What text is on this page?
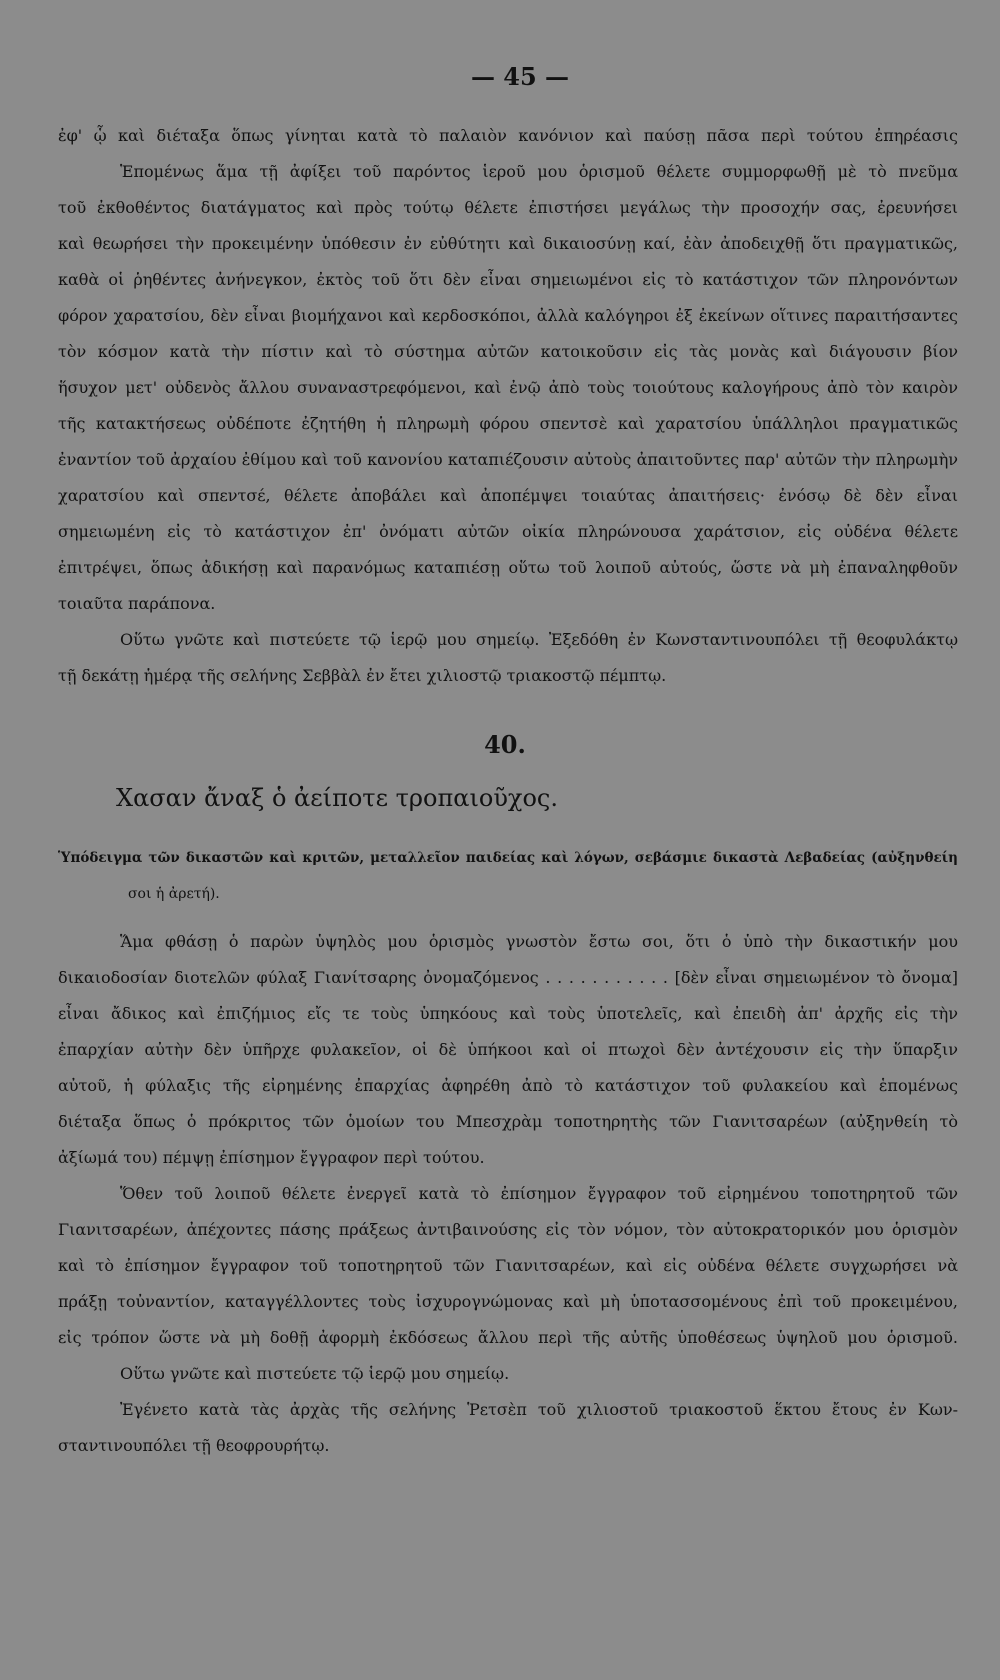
— 45 —
ἐφ' ᾧ καὶ διέταξα ὅπως γίνηται κατὰ τὸ παλαιὸν κανόνιον καὶ παύσῃ πᾶσα περὶ τούτου ἐπηρέασις
Ἑπομένως ἅμα τῇ ἀφίξει τοῦ παρόντος ἱεροῦ μου ὁρισμοῦ θέλετε συμμορφωθῇ μὲ τὸ πνεῦμα
τοῦ ἐκθοθέντος διατάγματος καὶ πρὸς τούτῳ θέλετε ἐπιστήσει μεγάλως τὴν προσοχήν σας, ἐρευνήσει
καὶ θεωρήσει τὴν προκειμένην ὑπόθεσιν ἐν εὐθύτητι καὶ δικαιοσύνῃ καί, ἐὰν ἀποδειχθῇ ὅτι πραγματικῶς,
καθὰ οἱ ῥηθέντες ἀνήνεγκον, ἐκτὸς τοῦ ὅτι δὲν εἶναι σημειωμένοι εἰς τὸ κατάστιχον τῶν πληρονόντων
φόρον χαρατσίου, δὲν εἶναι βιομήχανοι καὶ κερδοσκόποι, ἀλλὰ καλόγηροι ἐξ ἐκείνων οἵτινες παραιτήσαντες
τὸν κόσμον κατὰ τὴν πίστιν καὶ τὸ σύστημα αὐτῶν κατοικοῦσιν εἰς τὰς μονὰς καὶ διάγουσιν βίον
ἥσυχον μετ' οὐδενὸς ἄλλου συναναστρεφόμενοι, καὶ ἐνῷ ἀπὸ τοὺς τοιούτους καλογήρους ἀπὸ τὸν καιρὸν
τῆς κατακτήσεως οὐδέποτε ἐζητήθη ἡ πληρωμὴ φόρου σπεντσὲ καὶ χαρατσίου ὑπάλληλοι πραγματικῶς
ἐναντίον τοῦ ἀρχαίου ἐθίμου καὶ τοῦ κανονίου καταπιέζουσιν αὐτοὺς ἀπαιτοῦντες παρ' αὐτῶν τὴν πληρωμὴν
χαρατσίου καὶ σπεντσέ, θέλετε ἀποβάλει καὶ ἀποπέμψει τοιαύτας ἀπαιτήσεις· ἐνόσῳ δὲ δὲν εἶναι
σημειωμένη εἰς τὸ κατάστιχον ἐπ' ὀνόματι αὐτῶν οἰκία πληρώνουσα χαράτσιον, εἰς οὐδένα θέλετε
ἐπιτρέψει, ὅπως ἀδικήσῃ καὶ παρανόμως καταπιέσῃ οὕτω τοῦ λοιποῦ αὐτούς, ὥστε νὰ μὴ ἐπαναληφθοῦν
τοιαῦτα παράπονα.
Οὕτω γνῶτε καὶ πιστεύετε τῷ ἱερῷ μου σημείῳ. Ἐξεδόθη ἐν Κωνσταντινουπόλει τῇ θεοφυλάκτῳ
τῇ δεκάτῃ ἡμέρᾳ τῆς σελήνης Σεββὰλ ἐν ἔτει χιλιοστῷ τριακοστῷ πέμπτῳ.
40.
Χασαν ἄναξ ὁ ἀείποτε τροπαιοῦχος.
Ὑπόδειγμα τῶν δικαστῶν καὶ κριτῶν, μεταλλεῖον παιδείας καὶ λόγων, σεβάσμιε δικαστὰ Λεβαδείας (αὐξηνθείη
σοι ἡ ἀρετή).
Ἅμα φθάσῃ ὁ παρὼν ὑψηλὸς μου ὁρισμὸς γνωστὸν ἔστω σοι, ὅτι ὁ ὑπὸ τὴν δικαστικήν μου
δικαιοδοσίαν διοτελῶν φύλαξ Γιανίτσαρης ὀνομαζόμενος . . . . . . . . . . . [δὲν εἶναι σημειωμένον τὸ ὄνομα]
εἶναι ἄδικος καὶ ἐπιζήμιος εἴς τε τοὺς ὑπηκόους καὶ τοὺς ὑποτελεῖς, καὶ ἐπειδὴ ἀπ' ἀρχῆς εἰς τὴν
ἐπαρχίαν αὐτὴν δὲν ὑπῆρχε φυλακεῖον, οἱ δὲ ὑπήκοοι καὶ οἱ πτωχοὶ δὲν ἀντέχουσιν εἰς τὴν ὕπαρξιν
αὐτοῦ, ἡ φύλαξις τῆς εἰρημένης ἐπαρχίας ἀφηρέθη ἀπὸ τὸ κατάστιχον τοῦ φυλακείου καὶ ἑπομένως
διέταξα ὅπως ὁ πρόκριτος τῶν ὁμοίων του Μπεσχρὰμ τοποτηρητὴς τῶν Γιανιτσαρέων (αὐξηνθείη τὸ
ἀξίωμά του) πέμψῃ ἐπίσημον ἔγγραφον περὶ τούτου.
Ὅθεν τοῦ λοιποῦ θέλετε ἐνεργεῖ κατὰ τὸ ἐπίσημον ἔγγραφον τοῦ εἰρημένου τοποτηρητοῦ τῶν
Γιανιτσαρέων, ἀπέχοντες πάσης πράξεως ἀντιβαινούσης εἰς τὸν νόμον, τὸν αὐτοκρατορικόν μου ὁρισμὸν
καὶ τὸ ἐπίσημον ἔγγραφον τοῦ τοποτηρητοῦ τῶν Γιανιτσαρέων, καὶ εἰς οὐδένα θέλετε συγχωρήσει νὰ
πράξῃ τοὐναντίον, καταγγέλλοντες τοὺς ἰσχυρογνώμονας καὶ μὴ ὑποτασσομένους ἐπὶ τοῦ προκειμένου,
εἰς τρόπον ὥστε νὰ μὴ δοθῇ ἀφορμὴ ἐκδόσεως ἄλλου περὶ τῆς αὐτῆς ὑποθέσεως ὑψηλοῦ μου ὁρισμοῦ.
Οὕτω γνῶτε καὶ πιστεύετε τῷ ἱερῷ μου σημείῳ.
Ἐγένετο κατὰ τὰς ἀρχὰς τῆς σελήνης Ῥετσὲπ τοῦ χιλιοστοῦ τριακοστοῦ ἕκτου ἔτους ἐν Κων-
σταντινουπόλει τῇ θεοφρουρήτῳ.
